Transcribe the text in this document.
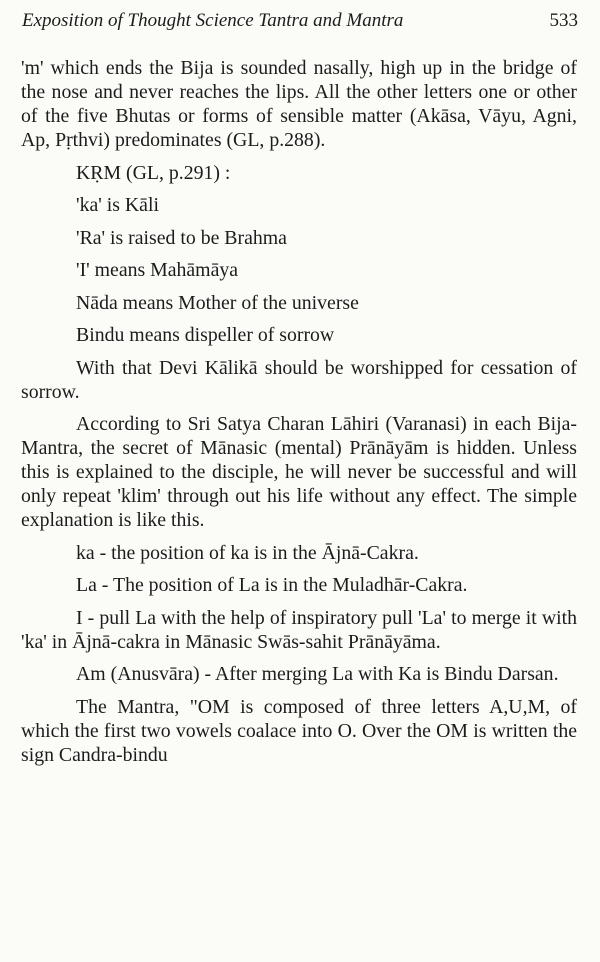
Exposition of Thought Science Tantra and Mantra	533

'm' which ends the Bija is sounded nasally, high up in the bridge of the nose and never reaches the lips. All the other letters one or other of the five Bhutas or forms of sensible matter (Akāsa, Vāyu, Agni, Ap, Pṛthvi) predominates (GL, p.288).

KṚM (GL, p.291) :

'ka' is Kāli

'Ra' is raised to be Brahma

'I' means Mahāmāya

Nāda means Mother of the universe

Bindu means dispeller of sorrow

With that Devi Kālikā should be worshipped for cessation of sorrow.

According to Sri Satya Charan Lāhiri (Varanasi) in each Bija-Mantra, the secret of Mānasic (mental) Prānāyām is hidden. Unless this is explained to the disciple, he will never be successful and will only repeat 'klim' through out his life without any effect. The simple explanation is like this.

ka - the position of ka is in the Ājnā-Cakra.

La - The position of La is in the Muladhār-Cakra.

I - pull La with the help of inspiratory pull 'La' to merge it with 'ka' in Ājnā-cakra in Mānasic Swās-sahit Prānāyāma.

Am (Anusvāra) - After merging La with Ka is Bindu Darsan.

The Mantra, "OM is composed of three letters A,U,M, of which the first two vowels coalace into O. Over the OM is written the sign Candra-bindu
